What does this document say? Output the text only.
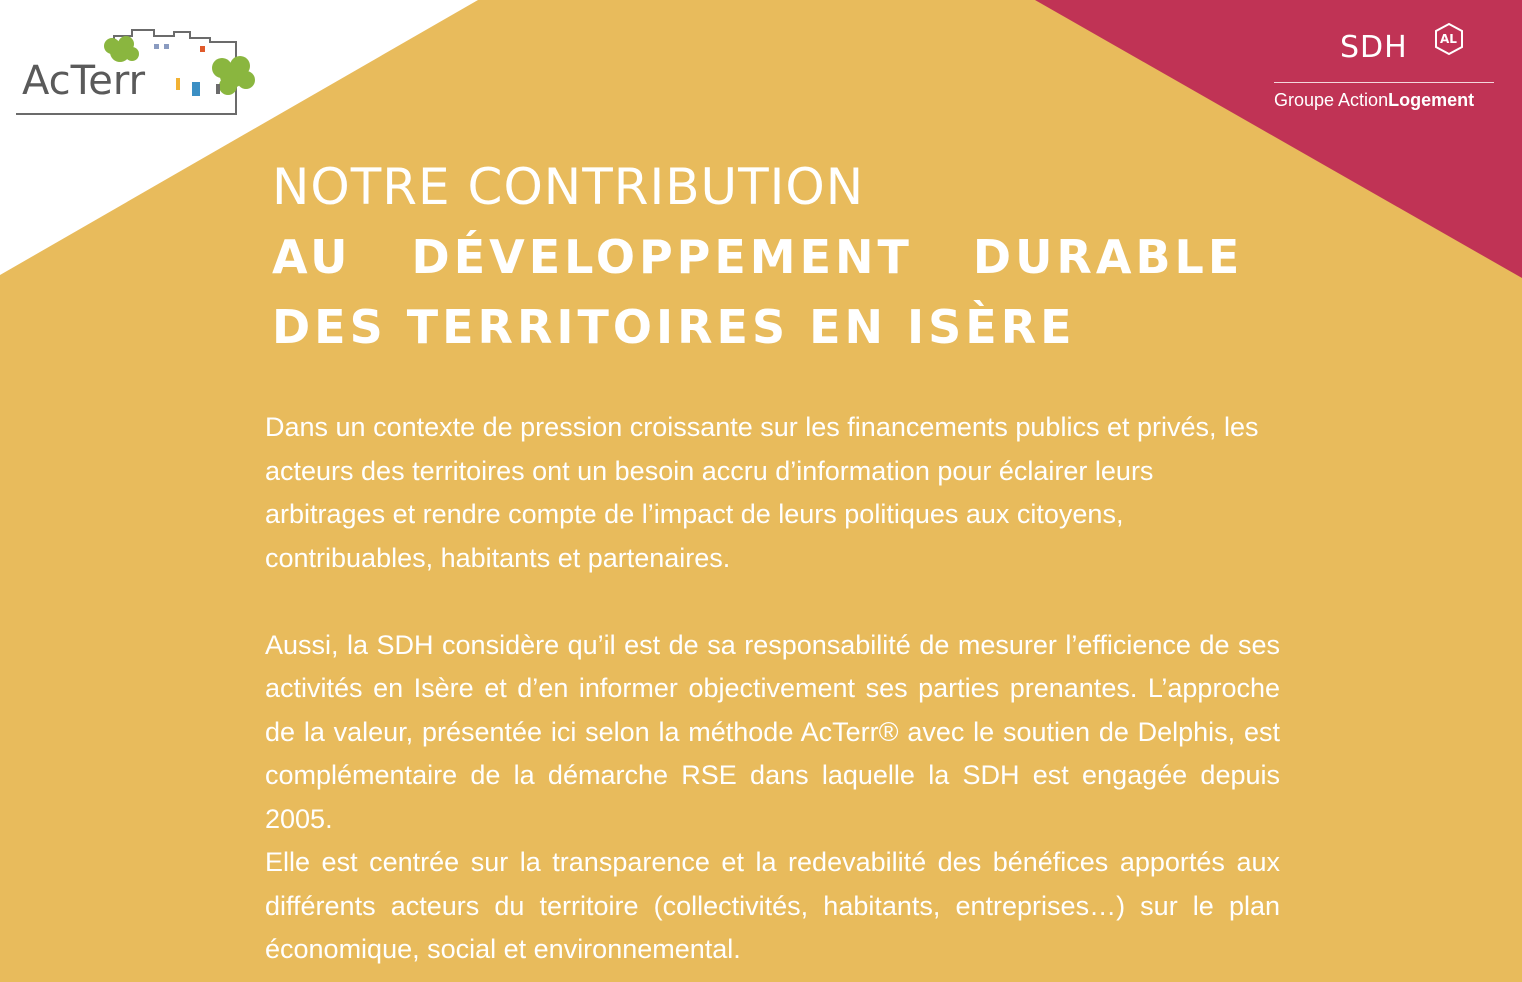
AcTerr
SDH	AL
Groupe ActionLogement
NOTRE CONTRIBUTION
AU DÉVELOPPEMENT DURABLE
DES TERRITOIRES EN ISÈRE

Dans un contexte de pression croissante sur les financements publics et privés, les acteurs des territoires ont un besoin accru d’information pour éclairer leurs arbitrages et rendre compte de l’impact de leurs politiques aux citoyens, contribuables, habitants et partenaires.

Aussi, la SDH considère qu’il est de sa responsabilité de mesurer l’efficience de ses activités en Isère et d’en informer objectivement ses parties prenantes. L’approche de la valeur, présentée ici selon la méthode AcTerr® avec le soutien de Delphis, est complémentaire de la démarche RSE dans laquelle la SDH est engagée depuis 2005.

Elle est centrée sur la transparence et la redevabilité des bénéfices apportés aux différents acteurs du territoire (collectivités, habitants, entreprises…) sur le plan économique, social et environnemental.
